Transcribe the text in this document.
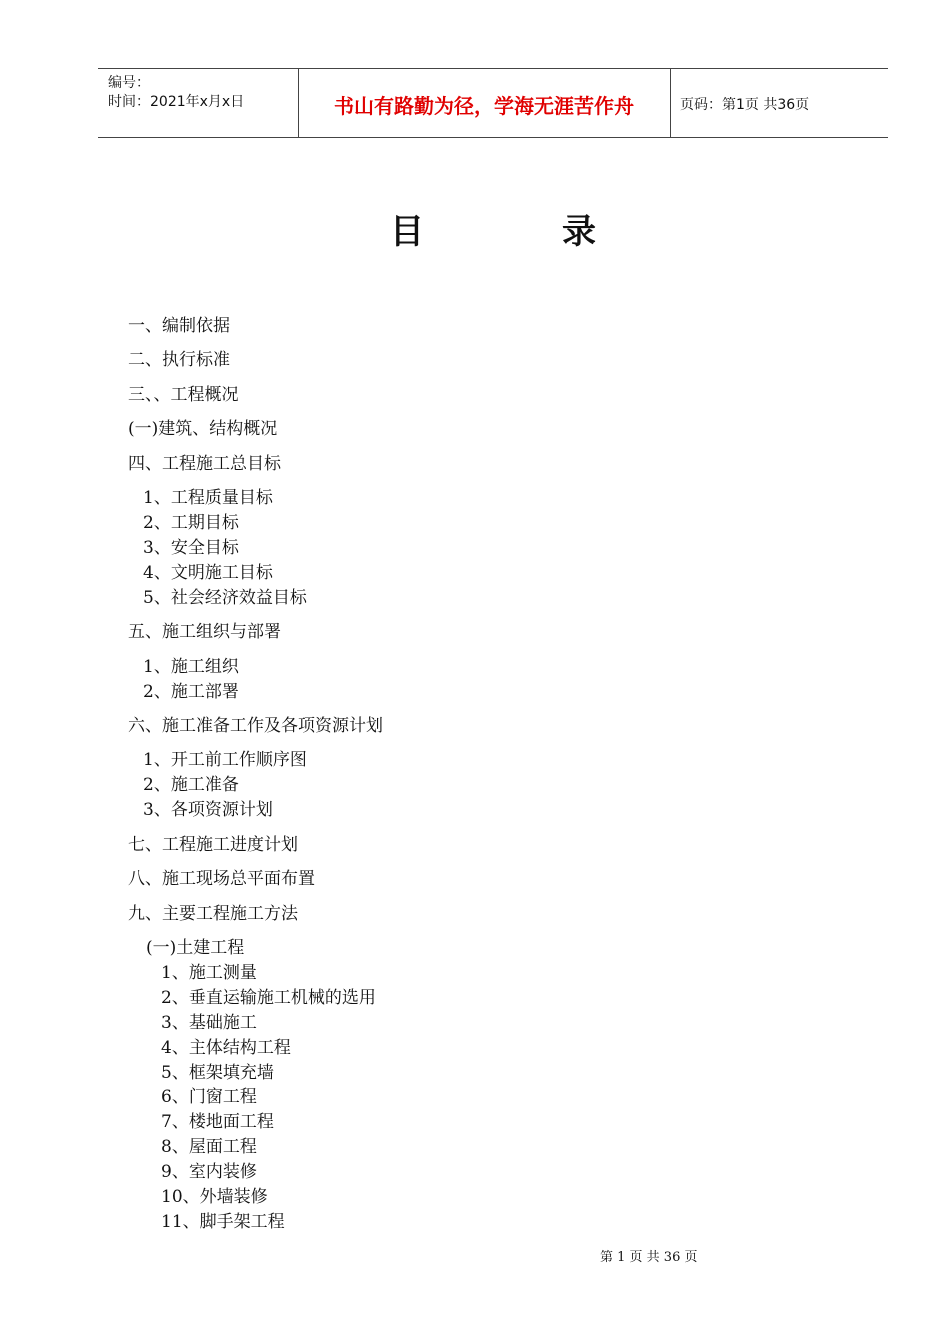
编号：
时间：2021年x月x日	书山有路勤为径，学海无涯苦作舟	页码：第1页 共36页
目	录
一、编制依据
二、执行标准
三、、工程概况
(一)建筑、结构概况
四、工程施工总目标
1、工程质量目标
2、工期目标
3、安全目标
4、文明施工目标
5、社会经济效益目标
五、施工组织与部署
1、施工组织
2、施工部署
六、施工准备工作及各项资源计划
1、开工前工作顺序图
2、施工准备
3、各项资源计划
七、工程施工进度计划
八、施工现场总平面布置
九、主要工程施工方法
(一)土建工程
1、施工测量
2、垂直运输施工机械的选用
3、基础施工
4、主体结构工程
5、框架填充墙
6、门窗工程
7、楼地面工程
8、屋面工程
9、室内装修
10、外墙装修
11、脚手架工程
第 1 页 共 36 页
